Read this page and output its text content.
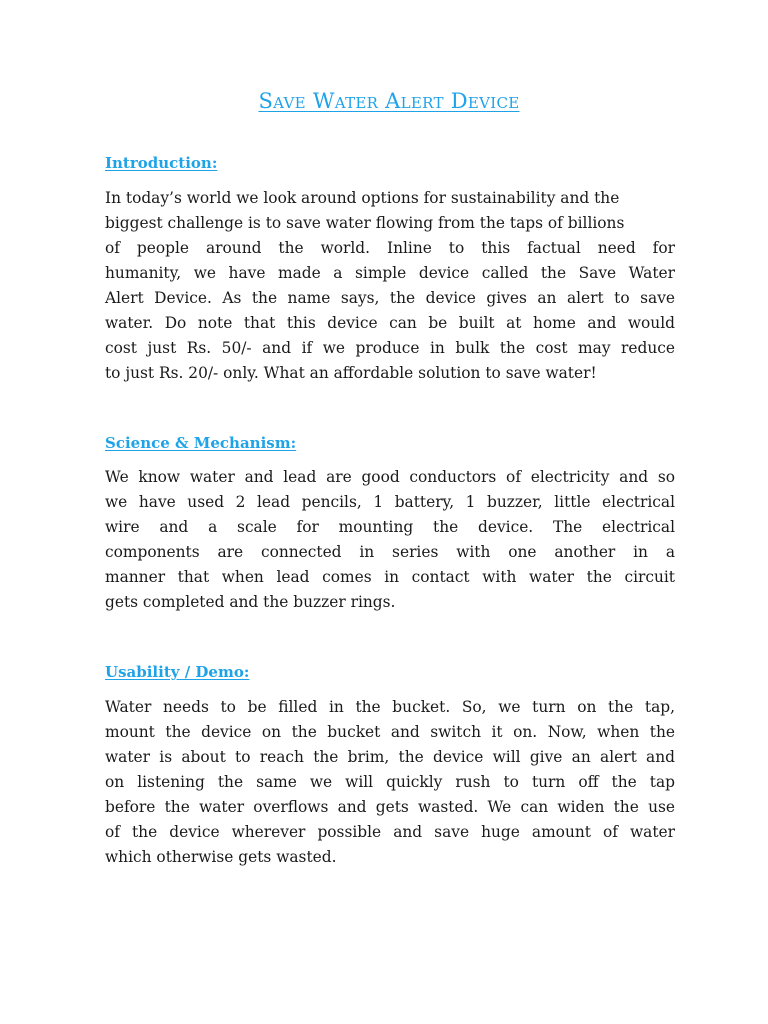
Save Water Alert Device
Introduction:
In today’s world we look around options for sustainability and the
biggest challenge is to save water flowing from the taps of billions
of people around the world. Inline to this factual need for
humanity, we have made a simple device called the Save Water
Alert Device. As the name says, the device gives an alert to save
water. Do note that this device can be built at home and would
cost just Rs. 50/- and if we produce in bulk the cost may reduce
to just Rs. 20/- only. What an affordable solution to save water!
Science & Mechanism:
We know water and lead are good conductors of electricity and so
we have used 2 lead pencils, 1 battery, 1 buzzer, little electrical
wire and a scale for mounting the device. The electrical
components are connected in series with one another in a
manner that when lead comes in contact with water the circuit
gets completed and the buzzer rings.
Usability / Demo:
Water needs to be filled in the bucket. So, we turn on the tap,
mount the device on the bucket and switch it on. Now, when the
water is about to reach the brim, the device will give an alert and
on listening the same we will quickly rush to turn off the tap
before the water overflows and gets wasted. We can widen the use
of the device wherever possible and save huge amount of water
which otherwise gets wasted.
